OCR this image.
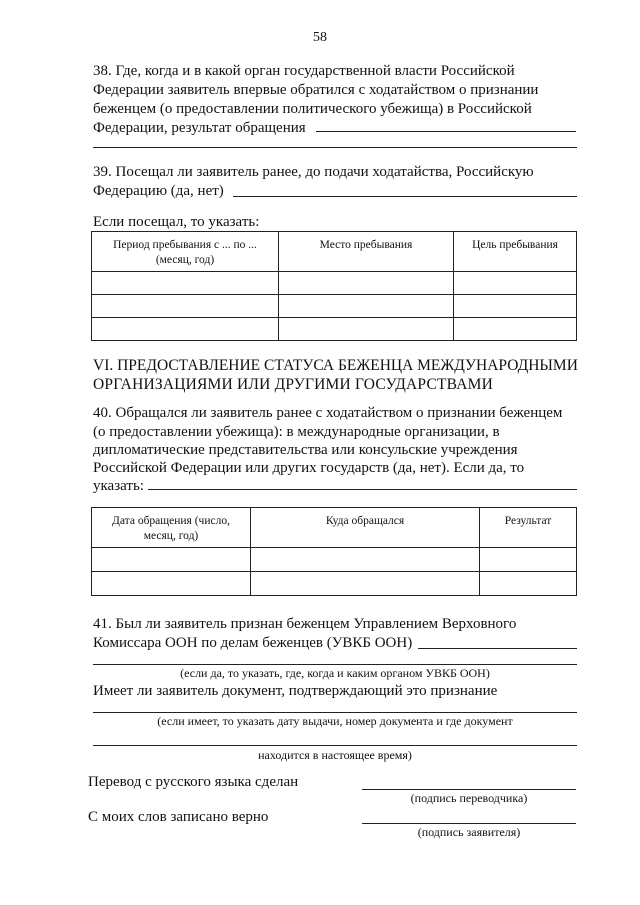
58
38. Где, когда и в какой орган государственной власти Российской
Федерации заявитель впервые обратился с ходатайством о признании
беженцем (о предоставлении политического убежища) в Российской
Федерации, результат обращения
39. Посещал ли заявитель ранее, до подачи ходатайства, Российскую
Федерацию (да, нет)
Если посещал, то указать:
Период пребывания с ... по ...
(месяц, год)	Место пребывания	Цель пребывания

VI. ПРЕДОСТАВЛЕНИЕ СТАТУСА БЕЖЕНЦА МЕЖДУНАРОДНЫМИ
ОРГАНИЗАЦИЯМИ ИЛИ ДРУГИМИ ГОСУДАРСТВАМИ
40. Обращался ли заявитель ранее с ходатайством о признании беженцем
(о предоставлении убежища): в международные организации, в
дипломатические представительства или консульские учреждения
Российской Федерации или других государств (да, нет). Если да, то
указать:
Дата обращения (число,
месяц, год)	Куда обращался	Результат

41. Был ли заявитель признан беженцем Управлением Верховного
Комиссара ООН по делам беженцев (УВКБ ООН)
(если да, то указать, где, когда и каким органом УВКБ ООН)
Имеет ли заявитель документ, подтверждающий это признание
(если имеет, то указать дату выдачи, номер документа и где документ
находится в настоящее время)
Перевод с русского языка сделан
(подпись переводчика)
С моих слов записано верно
(подпись заявителя)
